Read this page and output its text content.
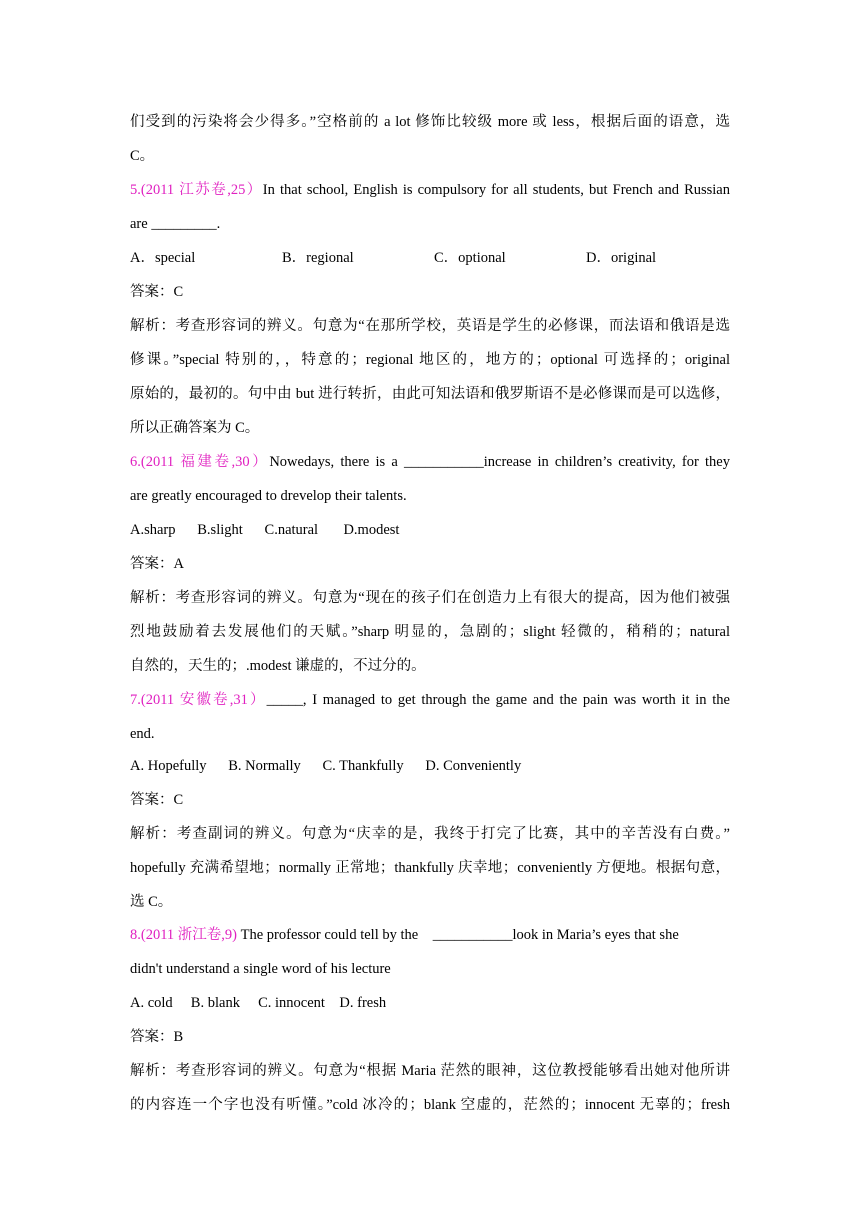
们受到的污染将会少得多。”空格前的 a lot 修饰比较级 more 或 less，根据后面的语意，选
C。
5.(2011 江苏卷,25）In that school, English is compulsory for all students, but French and Russian
are _________.
A．special	B．regional	C．optional	D．original
答案：C
解析：考查形容词的辨义。句意为“在那所学校，英语是学生的必修课，而法语和俄语是选
修课。”special 特别的，，特意的；regional 地区的，地方的；optional 可选择的；original
原始的，最初的。句中由 but 进行转折，由此可知法语和俄罗斯语不是必修课而是可以选修，
所以正确答案为 C。
6.(2011 福建卷,30）Nowedays, there is a ___________increase in children’s creativity, for they
are greatly encouraged to drevelop their talents.
A.sharp      B.slight      C.natural       D.modest
答案：A
解析：考查形容词的辨义。句意为“现在的孩子们在创造力上有很大的提高，因为他们被强
烈地鼓励着去发展他们的天赋。”sharp 明显的，急剧的；slight 轻微的，稍稍的；natural
自然的，天生的；.modest 谦虚的，不过分的。
7.(2011 安徽卷,31）_____, I managed to get through the game and the pain was worth it in the
end.
A. Hopefully      B. Normally      C. Thankfully      D. Conveniently
答案：C
解析：考查副词的辨义。句意为“庆幸的是，我终于打完了比赛，其中的辛苦没有白费。”
hopefully 充满希望地；normally 正常地；thankfully 庆幸地；conveniently 方便地。根据句意，
选 C。
8.(2011 浙江卷,9) The professor could tell by the    ___________look in Maria’s eyes that she
didn't understand a single word of his lecture
A. cold     B. blank     C. innocent    D. fresh
答案：B
解析：考查形容词的辨义。句意为“根据 Maria 茫然的眼神，这位教授能够看出她对他所讲
的内容连一个字也没有听懂。”cold 冰冷的；blank 空虚的，茫然的；innocent 无辜的；fresh
